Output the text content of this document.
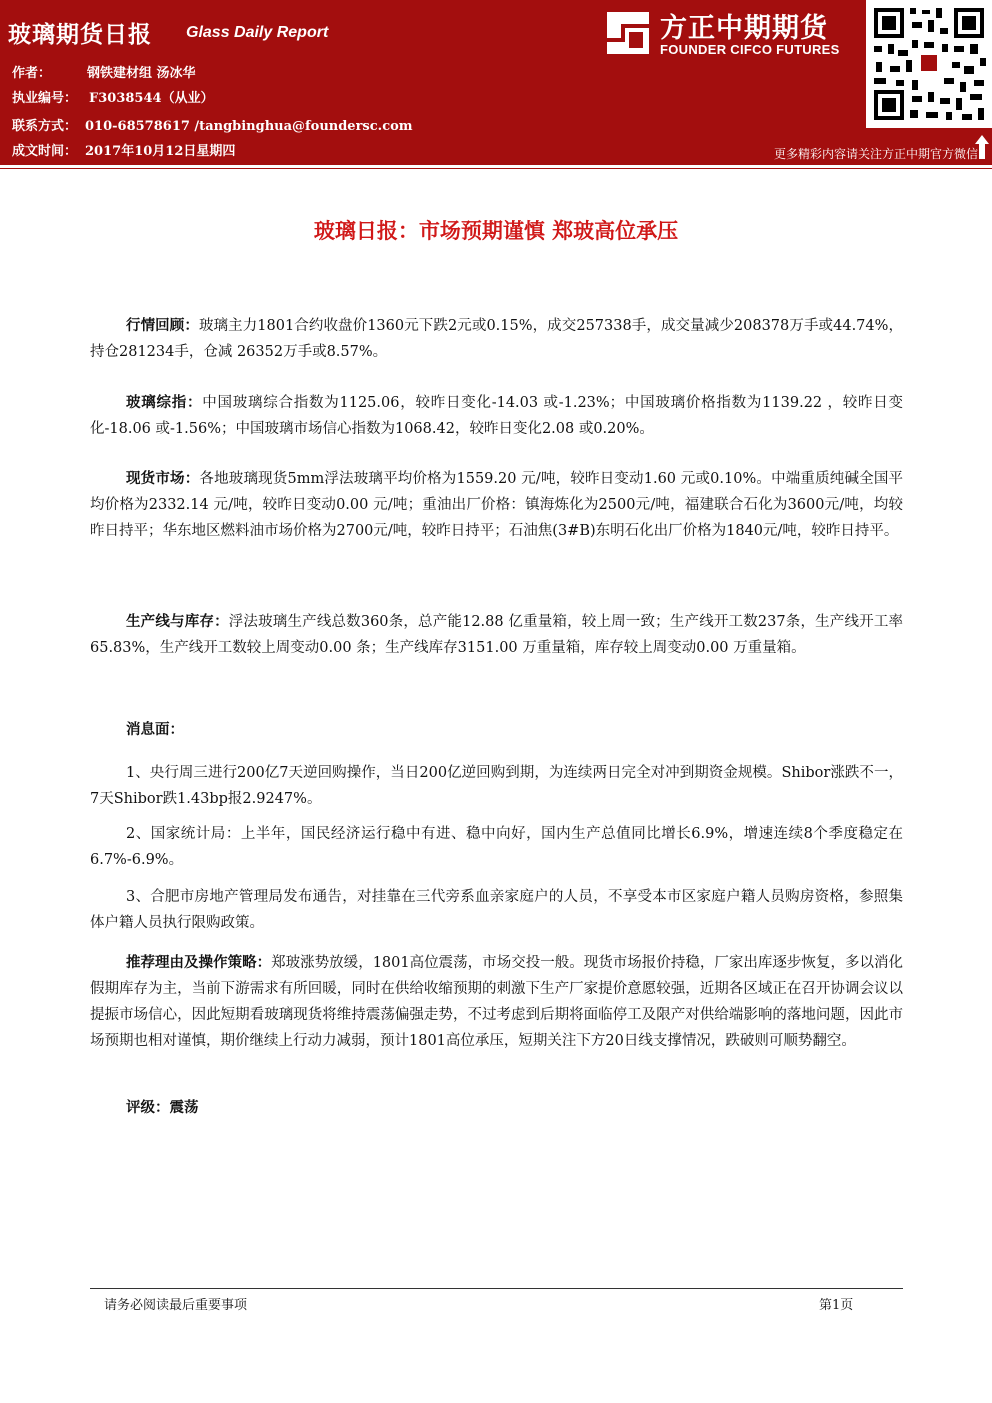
玻璃期货日报 Glass Daily Report
作者：	钢铁建材组 汤冰华
执业编号： F3038544（从业）
联系方式： 010-68578617 /tangbinghua@foundersc.com
成文时间： 2017年10月12日星期四
方正中期期货
FOUNDER CIFCO FUTURES
更多精彩内容请关注方正中期官方微信
玻璃日报：市场预期谨慎 郑玻高位承压
行情回顾：玻璃主力1801合约收盘价1360元下跌2元或0.15%，成交257338手，成交量减少208378万手或44.74%，持仓281234手，仓减 26352万手或8.57%。
玻璃综指：中国玻璃综合指数为1125.06，较昨日变化-14.03 或-1.23%；中国玻璃价格指数为1139.22 ，较昨日变化-18.06 或-1.56%；中国玻璃市场信心指数为1068.42，较昨日变化2.08 或0.20%。
现货市场：各地玻璃现货5mm浮法玻璃平均价格为1559.20 元/吨，较昨日变动1.60 元或0.10%。中端重质纯碱全国平均价格为2332.14 元/吨，较昨日变动0.00 元/吨；重油出厂价格：镇海炼化为2500元/吨，福建联合石化为3600元/吨，均较昨日持平；华东地区燃料油市场价格为2700元/吨，较昨日持平；石油焦(3#B)东明石化出厂价格为1840元/吨，较昨日持平。
生产线与库存：浮法玻璃生产线总数360条，总产能12.88 亿重量箱，较上周一致；生产线开工数237条，生产线开工率65.83%，生产线开工数较上周变动0.00 条；生产线库存3151.00 万重量箱，库存较上周变动0.00 万重量箱。
消息面：
1、央行周三进行200亿7天逆回购操作，当日200亿逆回购到期，为连续两日完全对冲到期资金规模。Shibor涨跌不一，7天Shibor跌1.43bp报2.9247%。
2、国家统计局：上半年，国民经济运行稳中有进、稳中向好，国内生产总值同比增长6.9%，增速连续8个季度稳定在6.7%-6.9%。
3、合肥市房地产管理局发布通告，对挂靠在三代旁系血亲家庭户的人员，不享受本市区家庭户籍人员购房资格，参照集体户籍人员执行限购政策。
推荐理由及操作策略：郑玻涨势放缓，1801高位震荡，市场交投一般。现货市场报价持稳，厂家出库逐步恢复，多以消化假期库存为主，当前下游需求有所回暖，同时在供给收缩预期的刺激下生产厂家提价意愿较强，近期各区域正在召开协调会议以提振市场信心，因此短期看玻璃现货将维持震荡偏强走势，不过考虑到后期将面临停工及限产对供给端影响的落地问题，因此市场预期也相对谨慎，期价继续上行动力减弱，预计1801高位承压，短期关注下方20日线支撑情况，跌破则可顺势翻空。
评级：震荡
请务必阅读最后重要事项	第1页
